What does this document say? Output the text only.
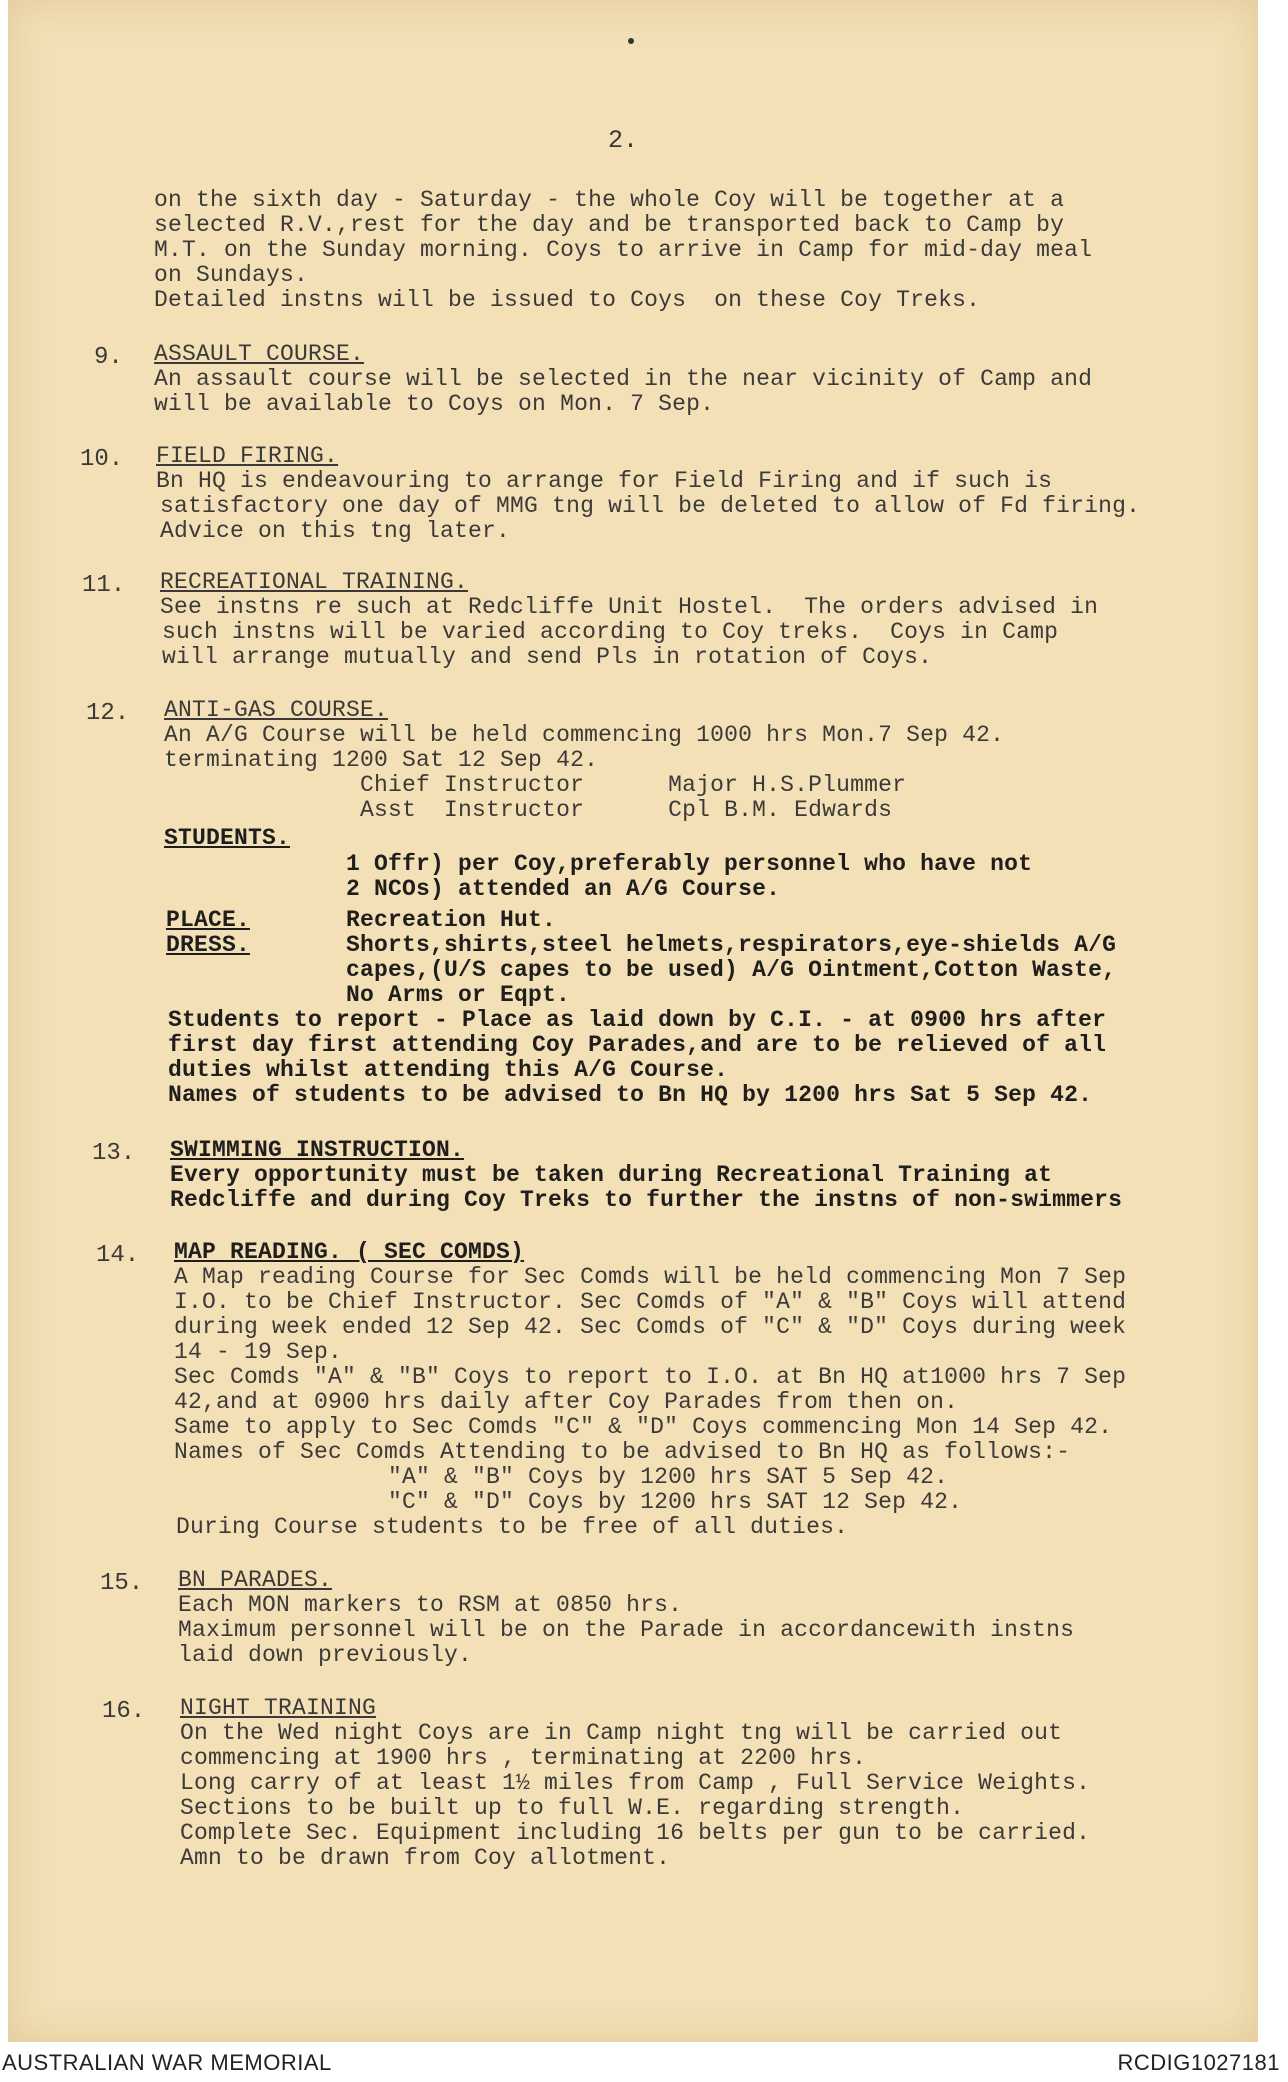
2.
on the sixth day - Saturday - the whole Coy will be together at a
selected R.V.,rest for the day and be transported back to Camp by
M.T. on the Sunday morning. Coys to arrive in Camp for mid-day meal
on Sundays.
Detailed instns will be issued to Coys  on these Coy Treks.
9. ASSAULT COURSE.
An assault course will be selected in the near vicinity of Camp and
will be available to Coys on Mon. 7 Sep.
10. FIELD FIRING.
Bn HQ is endeavouring to arrange for Field Firing and if such is
satisfactory one day of MMG tng will be deleted to allow of Fd firing.
Advice on this tng later.
11. RECREATIONAL TRAINING.
See instns re such at Redcliffe Unit Hostel.  The orders advised in
such instns will be varied according to Coy treks.  Coys in Camp
will arrange mutually and send Pls in rotation of Coys.
12. ANTI-GAS COURSE.
An A/G Course will be held commencing 1000 hrs Mon.7 Sep 42.
terminating 1200 Sat 12 Sep 42.
Chief Instructor      Major H.S.Plummer
Asst  Instructor      Cpl B.M. Edwards
STUDENTS.
1 Offr) per Coy,preferably personnel who have not
2 NCOs) attended an A/G Course.
PLACE.	Recreation Hut.
DRESS.	Shorts,shirts,steel helmets,respirators,eye-shields A/G
capes,(U/S capes to be used) A/G Ointment,Cotton Waste,
No Arms or Eqpt.
Students to report - Place as laid down by C.I. - at 0900 hrs after
first day first attending Coy Parades,and are to be relieved of all
duties whilst attending this A/G Course.
Names of students to be advised to Bn HQ by 1200 hrs Sat 5 Sep 42.
13. SWIMMING INSTRUCTION.
Every opportunity must be taken during Recreational Training at
Redcliffe and during Coy Treks to further the instns of non-swimmers
14. MAP READING. ( SEC COMDS)
A Map reading Course for Sec Comds will be held commencing Mon 7 Sep
I.O. to be Chief Instructor. Sec Comds of "A" & "B" Coys will attend
during week ended 12 Sep 42. Sec Comds of "C" & "D" Coys during week
14 - 19 Sep.
Sec Comds "A" & "B" Coys to report to I.O. at Bn HQ at1000 hrs 7 Sep
42,and at 0900 hrs daily after Coy Parades from then on.
Same to apply to Sec Comds "C" & "D" Coys commencing Mon 14 Sep 42.
Names of Sec Comds Attending to be advised to Bn HQ as follows:-
"A" & "B" Coys by 1200 hrs SAT 5 Sep 42.
"C" & "D" Coys by 1200 hrs SAT 12 Sep 42.
During Course students to be free of all duties.
15. BN PARADES.
Each MON markers to RSM at 0850 hrs.
Maximum personnel will be on the Parade in accordancewith instns
laid down previously.
16. NIGHT TRAINING
On the Wed night Coys are in Camp night tng will be carried out
commencing at 1900 hrs , terminating at 2200 hrs.
Long carry of at least 1½ miles from Camp , Full Service Weights.
Sections to be built up to full W.E. regarding strength.
Complete Sec. Equipment including 16 belts per gun to be carried.
Amn to be drawn from Coy allotment.
AUSTRALIAN WAR MEMORIAL	RCDIG1027181
